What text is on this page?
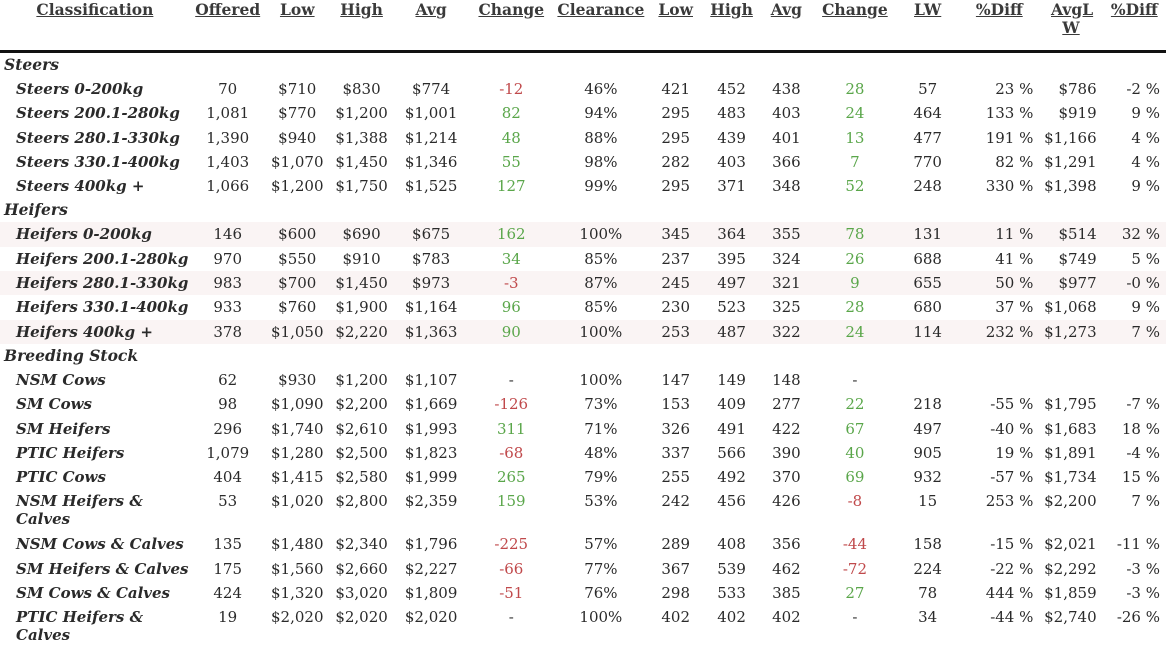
Classification	Offered	Low	High	Avg	Change	Clearance	Low	High	Avg	Change	LW	%Diff	AvgL W	%Diff

Steers														

Steers 0-200kg	70	$710	$830	$774	-12	46%	421	452	438	28	57	23 %	$786	-2 %

Steers 200.1-280kg	1,081	$770	$1,200	$1,001	82	94%	295	483	403	24	464	133 %	$919	9 %

Steers 280.1-330kg	1,390	$940	$1,388	$1,214	48	88%	295	439	401	13	477	191 %	$1,166	4 %

Steers 330.1-400kg	1,403	$1,070	$1,450	$1,346	55	98%	282	403	366	7	770	82 %	$1,291	4 %

Steers 400kg +	1,066	$1,200	$1,750	$1,525	127	99%	295	371	348	52	248	330 %	$1,398	9 %

Heifers														

Heifers 0-200kg	146	$600	$690	$675	162	100%	345	364	355	78	131	11 %	$514	32 %

Heifers 200.1-280kg	970	$550	$910	$783	34	85%	237	395	324	26	688	41 %	$749	5 %

Heifers 280.1-330kg	983	$700	$1,450	$973	-3	87%	245	497	321	9	655	50 %	$977	-0 %

Heifers 330.1-400kg	933	$760	$1,900	$1,164	96	85%	230	523	325	28	680	37 %	$1,068	9 %

Heifers 400kg +	378	$1,050	$2,220	$1,363	90	100%	253	487	322	24	114	232 %	$1,273	7 %

Breeding Stock														

NSM Cows	62	$930	$1,200	$1,107	-	100%	147	149	148	-				

SM Cows	98	$1,090	$2,200	$1,669	-126	73%	153	409	277	22	218	-55 %	$1,795	-7 %

SM Heifers	296	$1,740	$2,610	$1,993	311	71%	326	491	422	67	497	-40 %	$1,683	18 %

PTIC Heifers	1,079	$1,280	$2,500	$1,823	-68	48%	337	566	390	40	905	19 %	$1,891	-4 %

PTIC Cows	404	$1,415	$2,580	$1,999	265	79%	255	492	370	69	932	-57 %	$1,734	15 %

NSM Heifers & Calves	53	$1,020	$2,800	$2,359	159	53%	242	456	426	-8	15	253 %	$2,200	7 %

NSM Cows & Calves	135	$1,480	$2,340	$1,796	-225	57%	289	408	356	-44	158	-15 %	$2,021	-11 %

SM Heifers & Calves	175	$1,560	$2,660	$2,227	-66	77%	367	539	462	-72	224	-22 %	$2,292	-3 %

SM Cows & Calves	424	$1,320	$3,020	$1,809	-51	76%	298	533	385	27	78	444 %	$1,859	-3 %

PTIC Heifers & Calves	19	$2,020	$2,020	$2,020	-	100%	402	402	402	-	34	-44 %	$2,740	-26 %
